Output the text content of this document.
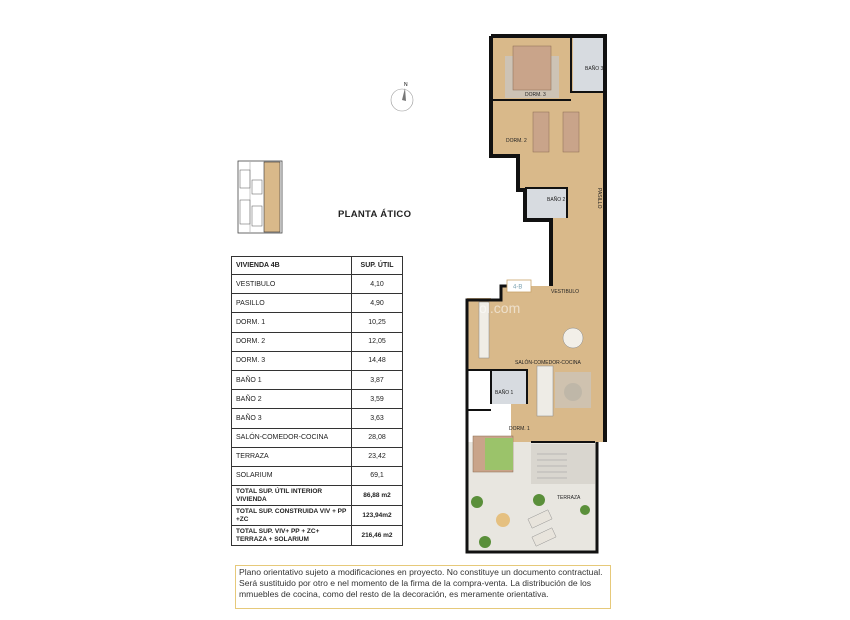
N
PLANTA ÁTICO
VIVIENDA 4B	SUP. ÚTIL
VESTIBULO	4,10
PASILLO	4,90
DORM. 1	10,25
DORM. 2	12,05
DORM. 3	14,48
BAÑO 1	3,87
BAÑO 2	3,59
BAÑO 3	3,63
SALÓN-COMEDOR-COCINA	28,08
TERRAZA	23,42
SOLARIUM	69,1
TOTAL SUP. ÚTIL INTERIOR VIVIENDA	86,88 m2
TOTAL SUP. CONSTRUIDA VIV + PP +ZC	123,94m2
TOTAL SUP. VIV+ PP + ZC+ TERRAZA + SOLARIUM	216,46 m2
DORM. 3
BAÑO 3
DORM. 2
BAÑO 2	PASILLO
VESTIBULO
SALÓN-COMEDOR-COCINA
BAÑO 1
DORM. 1
TERRAZA
4-B
ol.com
Plano orientativo sujeto a modificaciones en proyecto. No constituye un documento contractual. Será sustituido por otro e nel momento de la firma de la compra-venta. La distribución de los mmuebles de cocina, como del resto de la decoración, es meramente orientativa.
